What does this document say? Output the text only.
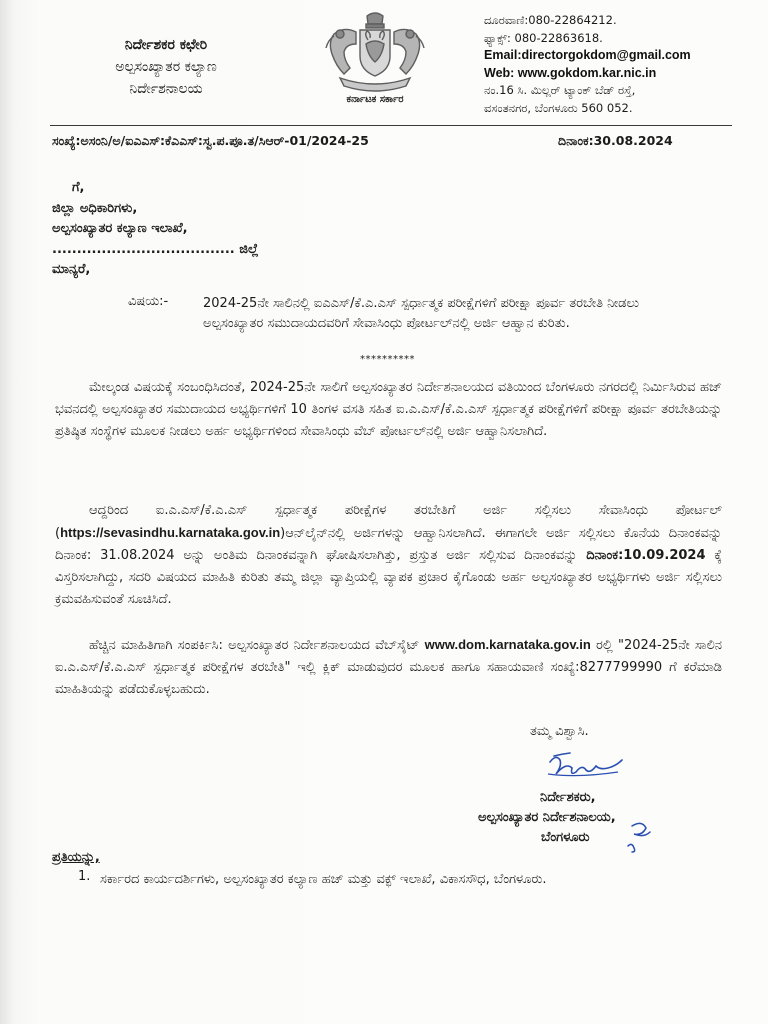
ನಿರ್ದೇಶಕರ ಕಛೇರಿ
ಅಲ್ಪಸಂಖ್ಯಾತರ ಕಲ್ಯಾಣ
ನಿರ್ದೇಶನಾಲಯ
ಕರ್ನಾಟಕ ಸರ್ಕಾರ
ದೂರವಾಣಿ:080-22864212.
ಫ್ಯಾಕ್ಸ್: 080-22863618.
Email:directorgokdom@gmail.com
Web: www.gokdom.kar.nic.in
ನಂ.16 ಸಿ. ಮಿಲ್ಲರ್ ಟ್ಯಾಂಕ್ ಬೆಡ್ ರಸ್ತೆ,
ವಸಂತನಗರ, ಬೆಂಗಳೂರು 560 052.
ಸಂಖ್ಯೆ:ಅಸಂನಿ/ಅ/ಐಎಎಸ್:ಕೆಎಎಸ್:ಸ್ವ.ಪ.ಪೂ.ತ/ಸಿಆರ್-01/2024-25	ದಿನಾಂಕ:30.08.2024
ಗೆ,
ಜಿಲ್ಲಾ ಅಧಿಕಾರಿಗಳು,
ಅಲ್ಪಸಂಖ್ಯಾತರ ಕಲ್ಯಾಣ ಇಲಾಖೆ,
..................................... ಜಿಲ್ಲೆ
ಮಾನ್ಯರೆ,
ವಿಷಯ:-	2024-25ನೇ ಸಾಲಿನಲ್ಲಿ ಐಎಎಸ್/ಕೆ.ಎ.ಎಸ್ ಸ್ಪರ್ಧಾತ್ಮಕ ಪರೀಕ್ಷೆಗಳಿಗೆ ಪರೀಕ್ಷಾ ಪೂರ್ವ ತರಬೇತಿ ನೀಡಲು ಅಲ್ಪಸಂಖ್ಯಾತರ ಸಮುದಾಯದವರಿಗೆ ಸೇವಾಸಿಂಧು ಪೋರ್ಟಲ್‌ನಲ್ಲಿ ಅರ್ಜಿ ಆಹ್ವಾನ ಕುರಿತು.
**********
ಮೇಲ್ಕಂಡ ವಿಷಯಕ್ಕೆ ಸಂಬಂಧಿಸಿದಂತೆ, 2024-25ನೇ ಸಾಲಿಗೆ ಅಲ್ಪಸಂಖ್ಯಾತರ ನಿರ್ದೇಶನಾಲಯದ ವತಿಯಿಂದ ಬೆಂಗಳೂರು ನಗರದಲ್ಲಿ ನಿರ್ಮಿಸಿರುವ ಹಜ್ ಭವನದಲ್ಲಿ ಅಲ್ಪಸಂಖ್ಯಾತರ ಸಮುದಾಯದ ಅಭ್ಯರ್ಥಿಗಳಿಗೆ 10 ತಿಂಗಳ ವಸತಿ ಸಹಿತ ಐ.ಎ.ಎಸ್/ಕೆ.ಎ.ಎಸ್ ಸ್ಪರ್ಧಾತ್ಮಕ ಪರೀಕ್ಷೆಗಳಿಗೆ ಪರೀಕ್ಷಾ ಪೂರ್ವ ತರಬೇತಿಯನ್ನು ಪ್ರತಿಷ್ಠಿತ ಸಂಸ್ಥೆಗಳ ಮೂಲಕ ನೀಡಲು ಅರ್ಹ ಅಭ್ಯರ್ಥಿಗಳಿಂದ ಸೇವಾಸಿಂಧು ವೆಬ್ ಪೋರ್ಟಲ್‌ನಲ್ಲಿ ಅರ್ಜಿ ಆಹ್ವಾನಿಸಲಾಗಿದೆ.
ಆದ್ದರಿಂದ ಐ.ಎ.ಎಸ್/ಕೆ.ಎ.ಎಸ್ ಸ್ಪರ್ಧಾತ್ಮಕ ಪರೀಕ್ಷೆಗಳ ತರಬೇತಿಗೆ ಅರ್ಜಿ ಸಲ್ಲಿಸಲು ಸೇವಾಸಿಂಧು ಪೋರ್ಟಲ್ (https://sevasindhu.karnataka.gov.in)ಆನ್‌ಲೈನ್‌ನಲ್ಲಿ ಅರ್ಜಿಗಳನ್ನು ಆಹ್ವಾನಿಸಲಾಗಿದೆ. ಈಗಾಗಲೇ ಅರ್ಜಿ ಸಲ್ಲಿಸಲು ಕೊನೆಯ ದಿನಾಂಕವನ್ನು ದಿನಾಂಕ: 31.08.2024 ಅನ್ನು ಅಂತಿಮ ದಿನಾಂಕವನ್ನಾಗಿ ಘೋಷಿಸಲಾಗಿತ್ತು, ಪ್ರಸ್ತುತ ಅರ್ಜಿ ಸಲ್ಲಿಸುವ ದಿನಾಂಕವನ್ನು ದಿನಾಂಕ:10.09.2024 ಕ್ಕೆ ವಿಸ್ತರಿಸಲಾಗಿದ್ದು, ಸದರಿ ವಿಷಯದ ಮಾಹಿತಿ ಕುರಿತು ತಮ್ಮ ಜಿಲ್ಲಾ ವ್ಯಾಪ್ತಿಯಲ್ಲಿ ವ್ಯಾಪಕ ಪ್ರಚಾರ ಕೈಗೊಂಡು ಅರ್ಹ ಅಲ್ಪಸಂಖ್ಯಾತರ ಅಭ್ಯರ್ಥಿಗಳು ಅರ್ಜಿ ಸಲ್ಲಿಸಲು ಕ್ರಮವಹಿಸುವಂತೆ ಸೂಚಿಸಿದೆ.
ಹೆಚ್ಚಿನ ಮಾಹಿತಿಗಾಗಿ ಸಂಪರ್ಕಿಸಿ: ಅಲ್ಪಸಂಖ್ಯಾತರ ನಿರ್ದೇಶನಾಲಯದ ವೆಬ್‌ಸೈಟ್ www.dom.karnataka.gov.in ರಲ್ಲಿ "2024-25ನೇ ಸಾಲಿನ ಐ.ಎ.ಎಸ್/ಕೆ.ಎ.ಎಸ್ ಸ್ಪರ್ಧಾತ್ಮಕ ಪರೀಕ್ಷೆಗಳ ತರಬೇತಿ" ಇಲ್ಲಿ ಕ್ಲಿಕ್ ಮಾಡುವುದರ ಮೂಲಕ ಹಾಗೂ ಸಹಾಯವಾಣಿ ಸಂಖ್ಯೆ:8277799990 ಗೆ ಕರೆಮಾಡಿ ಮಾಹಿತಿಯನ್ನು ಪಡೆದುಕೊಳ್ಳಬಹುದು.
ತಮ್ಮ ವಿಶ್ವಾಸಿ.
ನಿರ್ದೇಶಕರು,
ಅಲ್ಪಸಂಖ್ಯಾತರ ನಿರ್ದೇಶನಾಲಯ,
ಬೆಂಗಳೂರು
ಪ್ರತಿಯನ್ನು,
1. ಸರ್ಕಾರದ ಕಾರ್ಯದರ್ಶಿಗಳು, ಅಲ್ಪಸಂಖ್ಯಾತರ ಕಲ್ಯಾಣ ಹಜ್ ಮತ್ತು ವಕ್ಫ್ ಇಲಾಖೆ, ವಿಕಾಸಸೌಧ, ಬೆಂಗಳೂರು.
